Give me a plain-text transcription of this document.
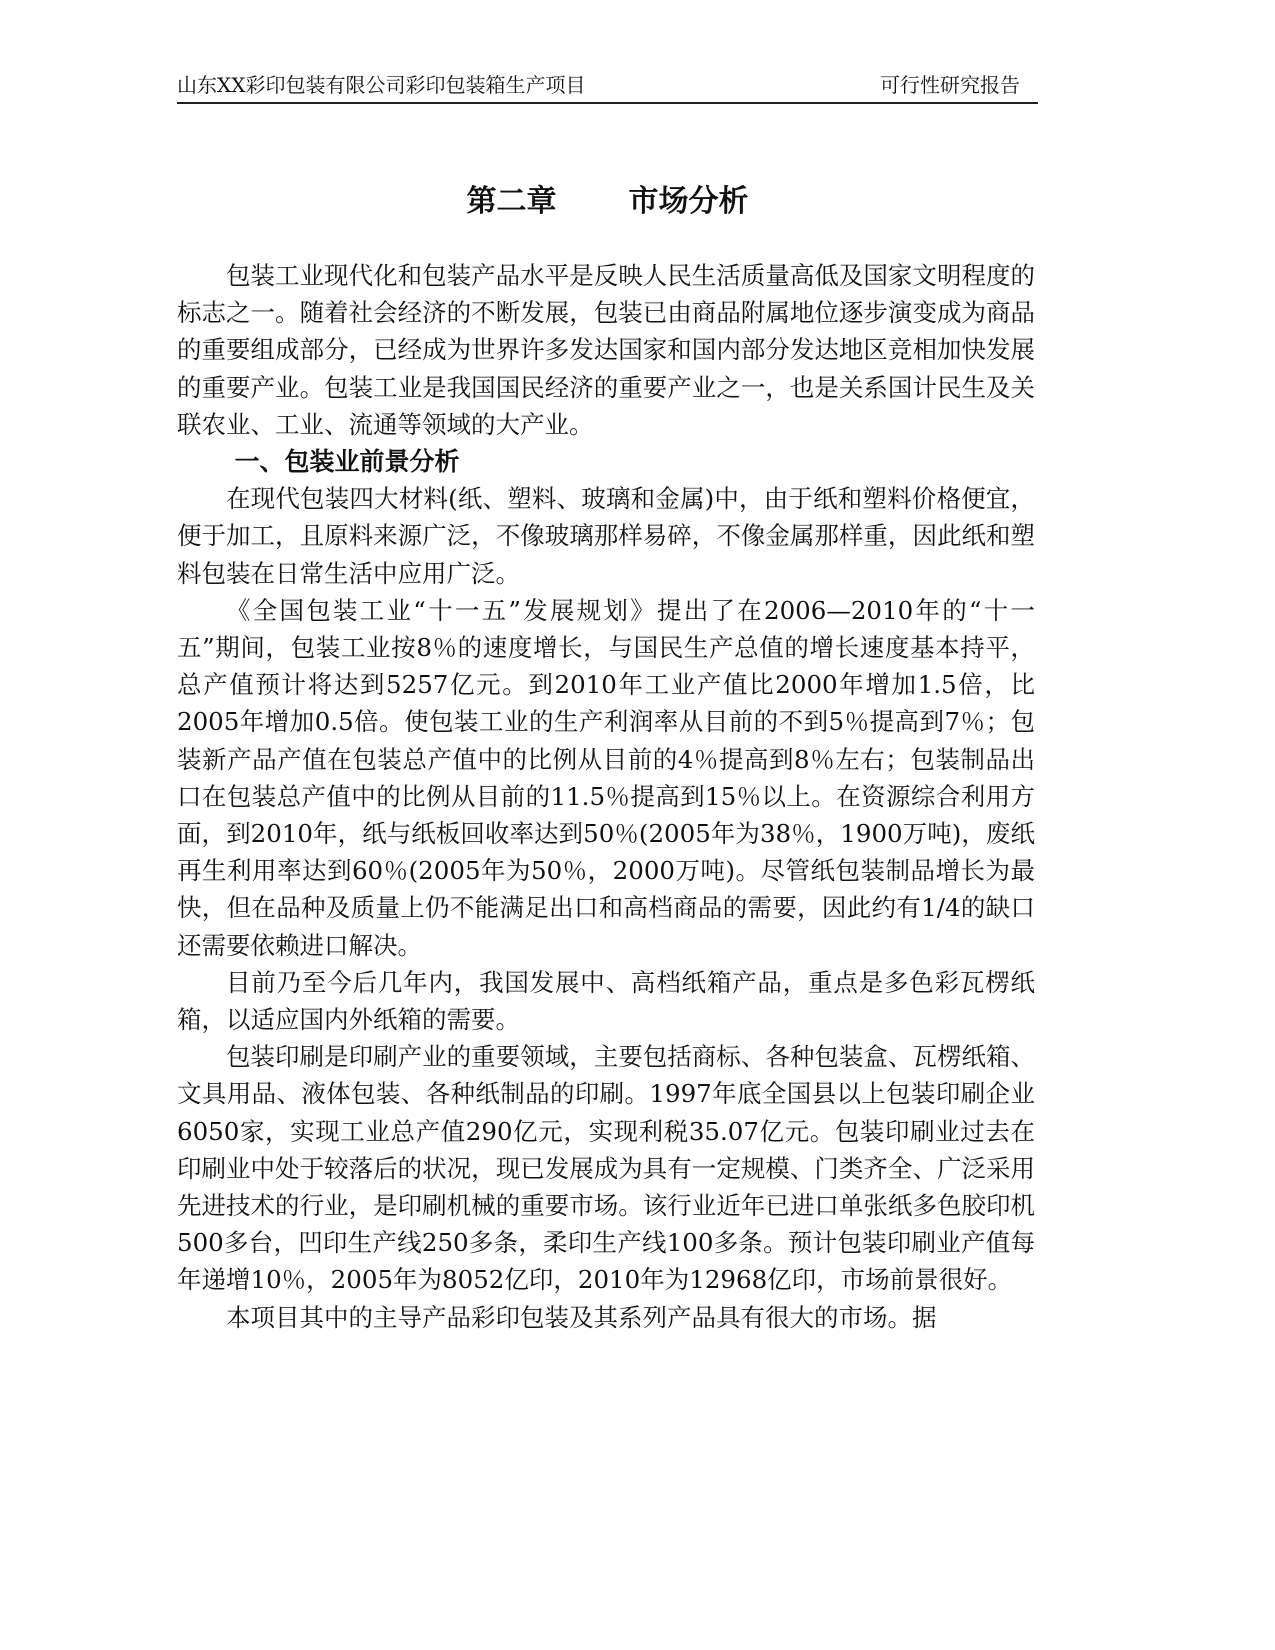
山东XX彩印包装有限公司彩印包装箱生产项目	可行性研究报告
第二章 市场分析

包装工业现代化和包装产品水平是反映人民生活质量高低及国家文明程度的标志之一。随着社会经济的不断发展，包装已由商品附属地位逐步演变成为商品的重要组成部分，已经成为世界许多发达国家和国内部分发达地区竞相加快发展的重要产业。包装工业是我国国民经济的重要产业之一，也是关系国计民生及关联农业、工业、流通等领域的大产业。

一、包装业前景分析

在现代包装四大材料(纸、塑料、玻璃和金属)中，由于纸和塑料价格便宜，便于加工，且原料来源广泛，不像玻璃那样易碎，不像金属那样重，因此纸和塑料包装在日常生活中应用广泛。

《全国包装工业“十一五”发展规划》提出了在2006—2010年的“十一五”期间，包装工业按8％的速度增长，与国民生产总值的增长速度基本持平，总产值预计将达到5257亿元。到2010年工业产值比2000年增加1.5倍，比2005年增加0.5倍。使包装工业的生产利润率从目前的不到5％提高到7％；包装新产品产值在包装总产值中的比例从目前的4％提高到8％左右；包装制品出口在包装总产值中的比例从目前的11.5％提高到15％以上。在资源综合利用方面，到2010年，纸与纸板回收率达到50％(2005年为38％，1900万吨)，废纸再生利用率达到60％(2005年为50％，2000万吨)。尽管纸包装制品增长为最快，但在品种及质量上仍不能满足出口和高档商品的需要，因此约有1/4的缺口还需要依赖进口解决。

目前乃至今后几年内，我国发展中、高档纸箱产品，重点是多色彩瓦楞纸箱，以适应国内外纸箱的需要。

包装印刷是印刷产业的重要领域，主要包括商标、各种包装盒、瓦楞纸箱、文具用品、液体包装、各种纸制品的印刷。1997年底全国县以上包装印刷企业6050家，实现工业总产值290亿元，实现利税35.07亿元。包装印刷业过去在印刷业中处于较落后的状况，现已发展成为具有一定规模、门类齐全、广泛采用先进技术的行业，是印刷机械的重要市场。该行业近年已进口单张纸多色胶印机500多台，凹印生产线250多条，柔印生产线100多条。预计包装印刷业产值每年递增10％，2005年为8052亿印，2010年为12968亿印，市场前景很好。

本项目其中的主导产品彩印包装及其系列产品具有很大的市场。据
